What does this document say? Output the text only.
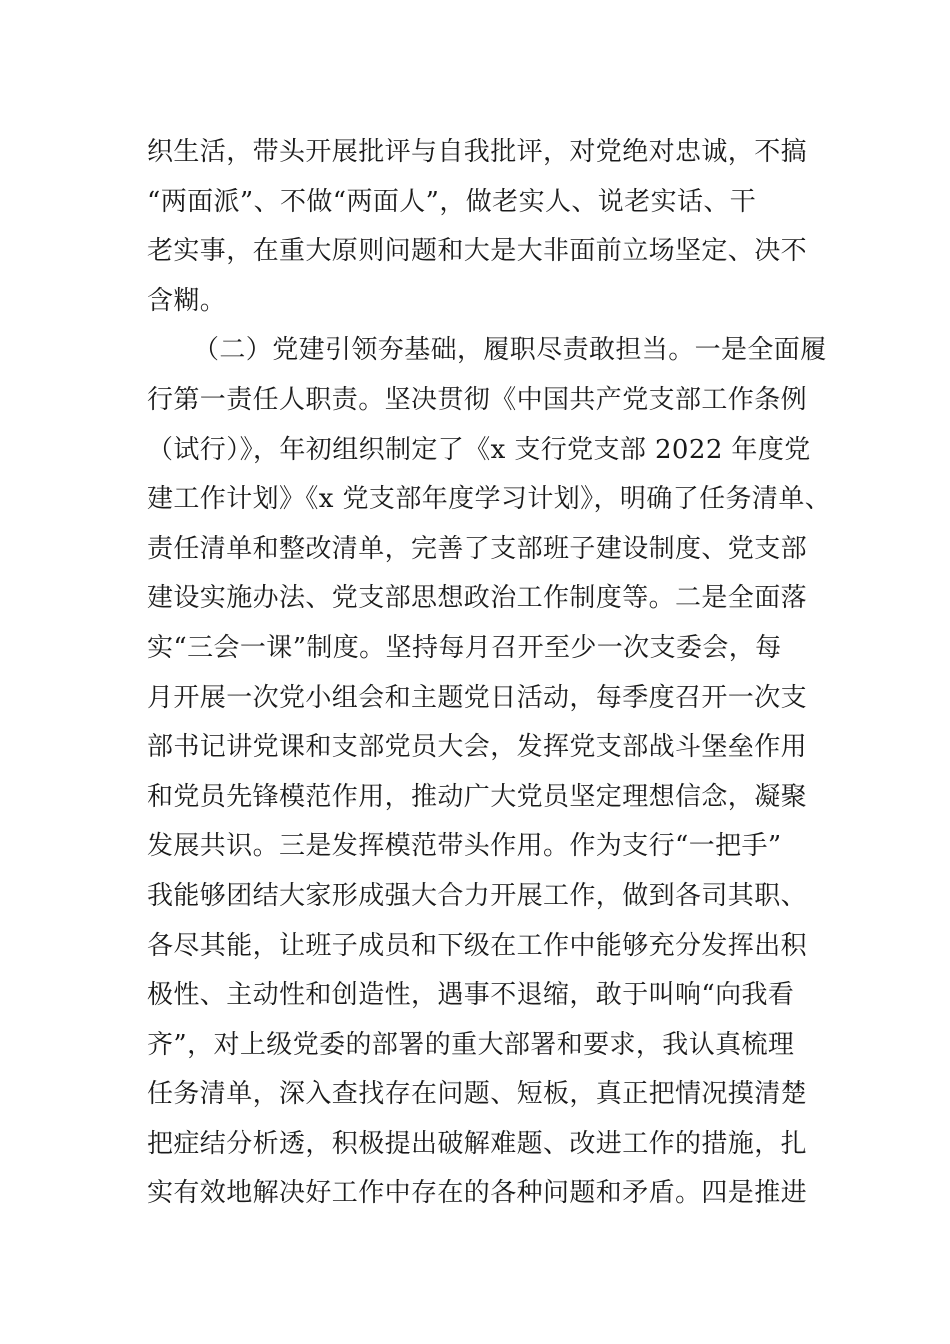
织生活，带头开展批评与自我批评，对党绝对忠诚，不搞
“两面派”、不做“两面人”，做老实人、说老实话、干
老实事，在重大原则问题和大是大非面前立场坚定、决不
含糊。
（二）党建引领夯基础，履职尽责敢担当。一是全面履
行第一责任人职责。坚决贯彻《中国共产党支部工作条例
（试行）》，年初组织制定了《x 支行党支部 2022 年度党
建工作计划》《x 党支部年度学习计划》，明确了任务清单、
责任清单和整改清单，完善了支部班子建设制度、党支部
建设实施办法、党支部思想政治工作制度等。二是全面落
实“三会一课”制度。坚持每月召开至少一次支委会，每
月开展一次党小组会和主题党日活动，每季度召开一次支
部书记讲党课和支部党员大会，发挥党支部战斗堡垒作用
和党员先锋模范作用，推动广大党员坚定理想信念，凝聚
发展共识。三是发挥模范带头作用。作为支行“一把手”
我能够团结大家形成强大合力开展工作，做到各司其职、
各尽其能，让班子成员和下级在工作中能够充分发挥出积
极性、主动性和创造性，遇事不退缩，敢于叫响“向我看
齐”，对上级党委的部署的重大部署和要求，我认真梳理
任务清单，深入查找存在问题、短板，真正把情况摸清楚
把症结分析透，积极提出破解难题、改进工作的措施，扎
实有效地解决好工作中存在的各种问题和矛盾。四是推进
